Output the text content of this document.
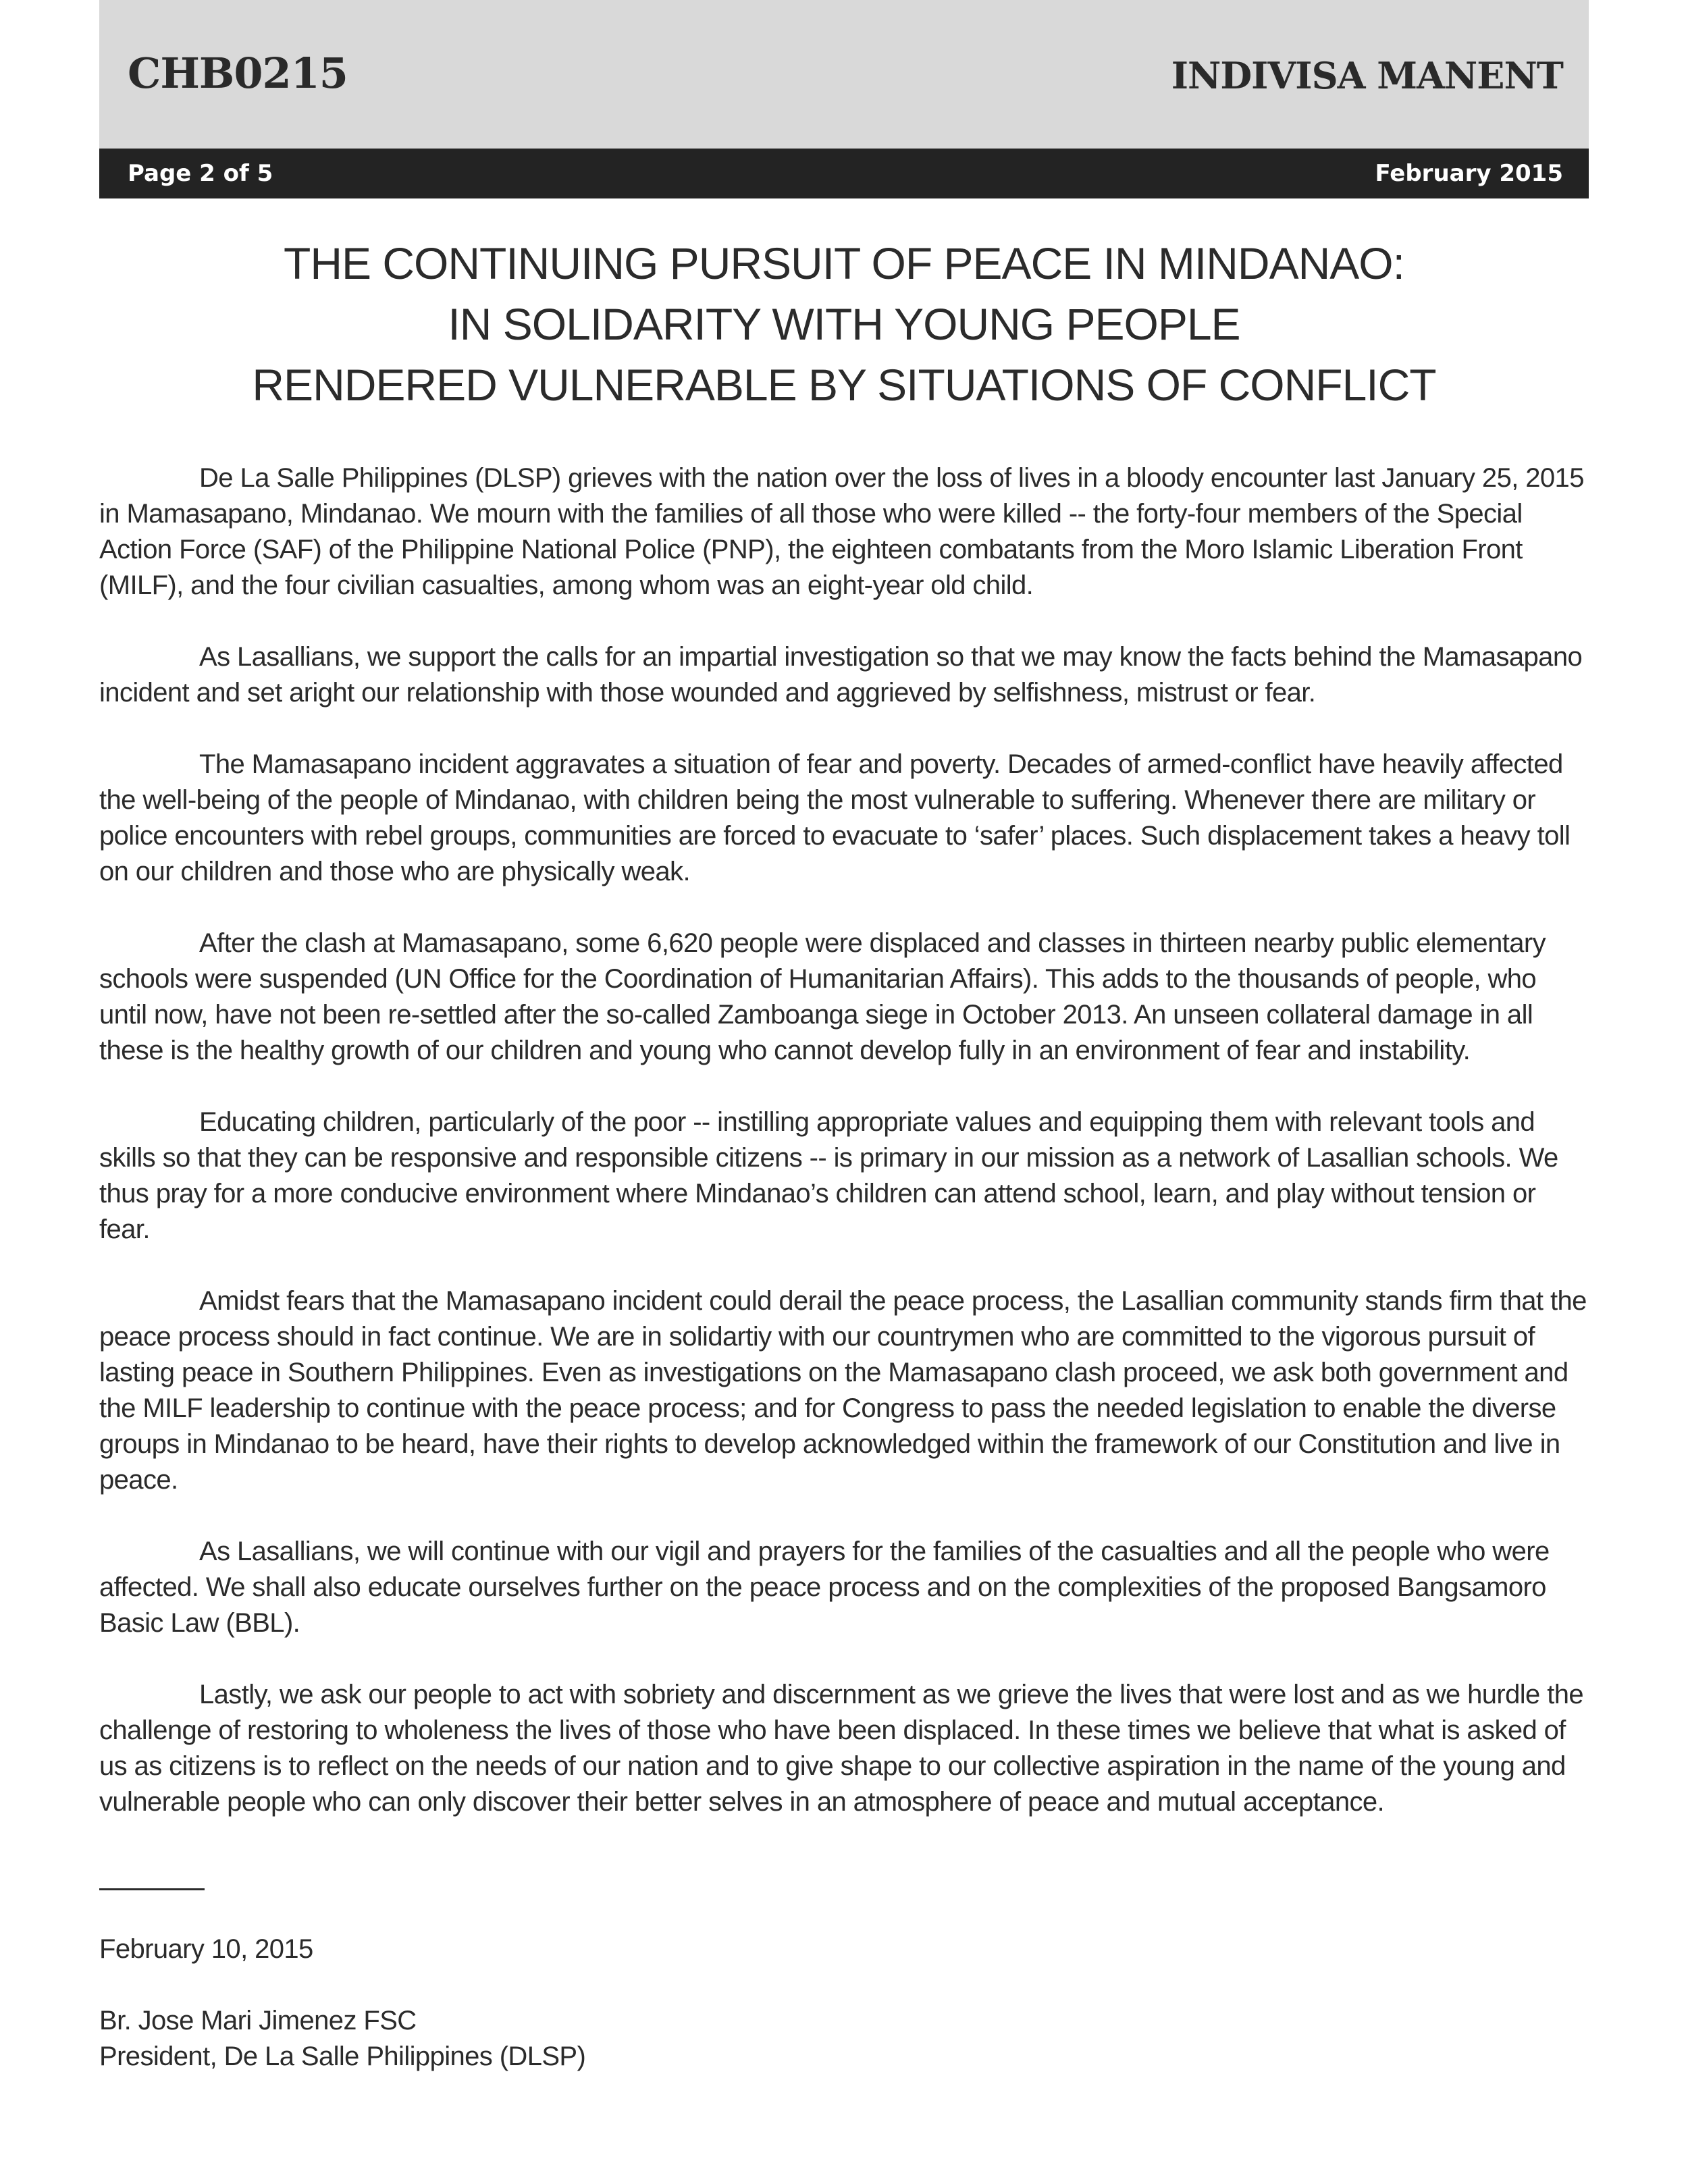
CHB0215	INDIVISA MANENT
Page 2 of 5	February 2015
THE CONTINUING PURSUIT OF PEACE IN MINDANAO:
IN SOLIDARITY WITH YOUNG PEOPLE
RENDERED VULNERABLE BY SITUATIONS OF CONFLICT

De La Salle Philippines (DLSP) grieves with the nation over the loss of lives in a bloody encounter last January 25, 2015 in Mamasapano, Mindanao. We mourn with the families of all those who were killed -- the forty-four members of the Special Action Force (SAF) of the Philippine National Police (PNP), the eighteen combatants from the Moro Islamic Liberation Front (MILF), and the four civilian casualties, among whom was an eight-year old child.

As Lasallians, we support the calls for an impartial investigation so that we may know the facts behind the Mamasapano incident and set aright our relationship with those wounded and aggrieved by selfishness, mistrust or fear.

The Mamasapano incident aggravates a situation of fear and poverty. Decades of armed-conflict have heavily affected the well-being of the people of Mindanao, with children being the most vulnerable to suffering. Whenever there are military or police encounters with rebel groups, communities are forced to evacuate to ‘safer’ places. Such displacement takes a heavy toll on our children and those who are physically weak.

After the clash at Mamasapano, some 6,620 people were displaced and classes in thirteen nearby public elementary schools were suspended (UN Office for the Coordination of Humanitarian Affairs). This adds to the thousands of people, who until now, have not been re-settled after the so-called Zamboanga siege in October 2013. An unseen collateral damage in all these is the healthy growth of our children and young who cannot develop fully in an environment of fear and instability.

Educating children, particularly of the poor -- instilling appropriate values and equipping them with relevant tools and skills so that they can be responsive and responsible citizens -- is primary in our mission as a network of Lasallian schools. We thus pray for a more conducive environment where Mindanao’s children can attend school, learn, and play without tension or fear.

Amidst fears that the Mamasapano incident could derail the peace process, the Lasallian community stands firm that the peace process should in fact continue. We are in solidartiy with our countrymen who are committed to the vigorous pursuit of lasting peace in Southern Philippines. Even as investigations on the Mamasapano clash proceed, we ask both government and the MILF leadership to continue with the peace process; and for Congress to pass the needed legislation to enable the diverse groups in Mindanao to be heard, have their rights to develop acknowledged within the framework of our Constitution and live in peace.

As Lasallians, we will continue with our vigil and prayers for the families of the casualties and all the people who were affected. We shall also educate ourselves further on the peace process and on the complexities of the proposed Bangsamoro Basic Law (BBL).

Lastly, we ask our people to act with sobriety and discernment as we grieve the lives that were lost and as we hurdle the challenge of restoring to wholeness the lives of those who have been displaced. In these times we believe that what is asked of us as citizens is to reflect on the needs of our nation and to give shape to our collective aspiration in the name of the young and vulnerable people who can only discover their better selves in an atmosphere of peace and mutual acceptance.

February 10, 2015
Br. Jose Mari Jimenez FSC
President, De La Salle Philippines (DLSP)
